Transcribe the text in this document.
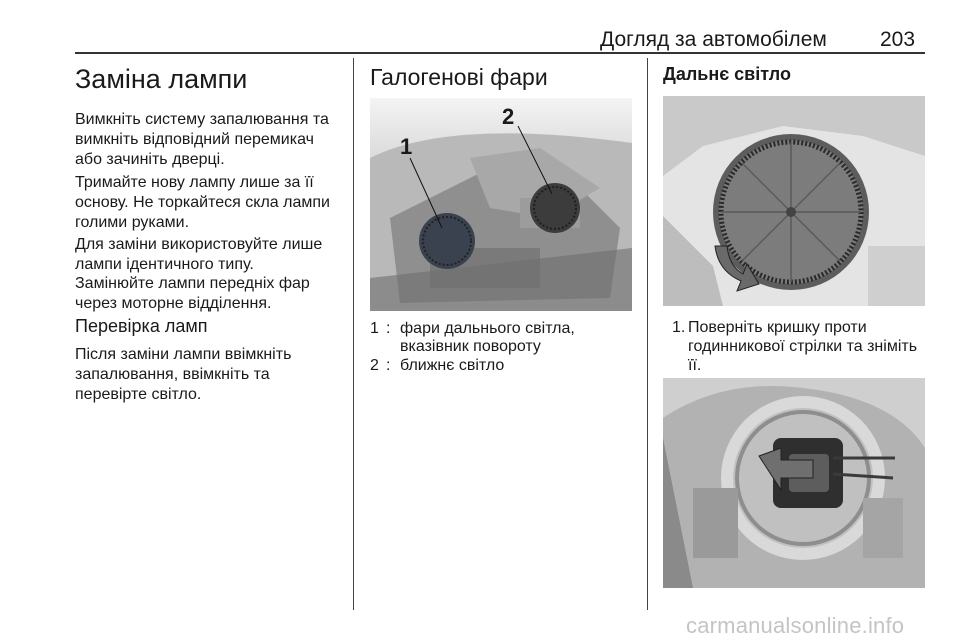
Догляд за автомобілем	203
Заміна лампи
Вимкніть систему запалювання та вимкніть відповідний перемикач або зачиніть дверці.
Тримайте нову лампу лише за її основу. Не торкайтеся скла лампи голими руками.
Для заміни використовуйте лише лампи ідентичного типу.
Замінюйте лампи передніх фар через моторне відділення.
Перевірка ламп
Після заміни лампи ввімкніть запалювання, ввімкніть та перевірте світло.
Галогенові фари
1
2
1 : фари дальнього світла, вказівник повороту
2 : ближнє світло
Дальнє світло
1. Поверніть кришку проти годинникової стрілки та зніміть її.
carmanualsonline.info
